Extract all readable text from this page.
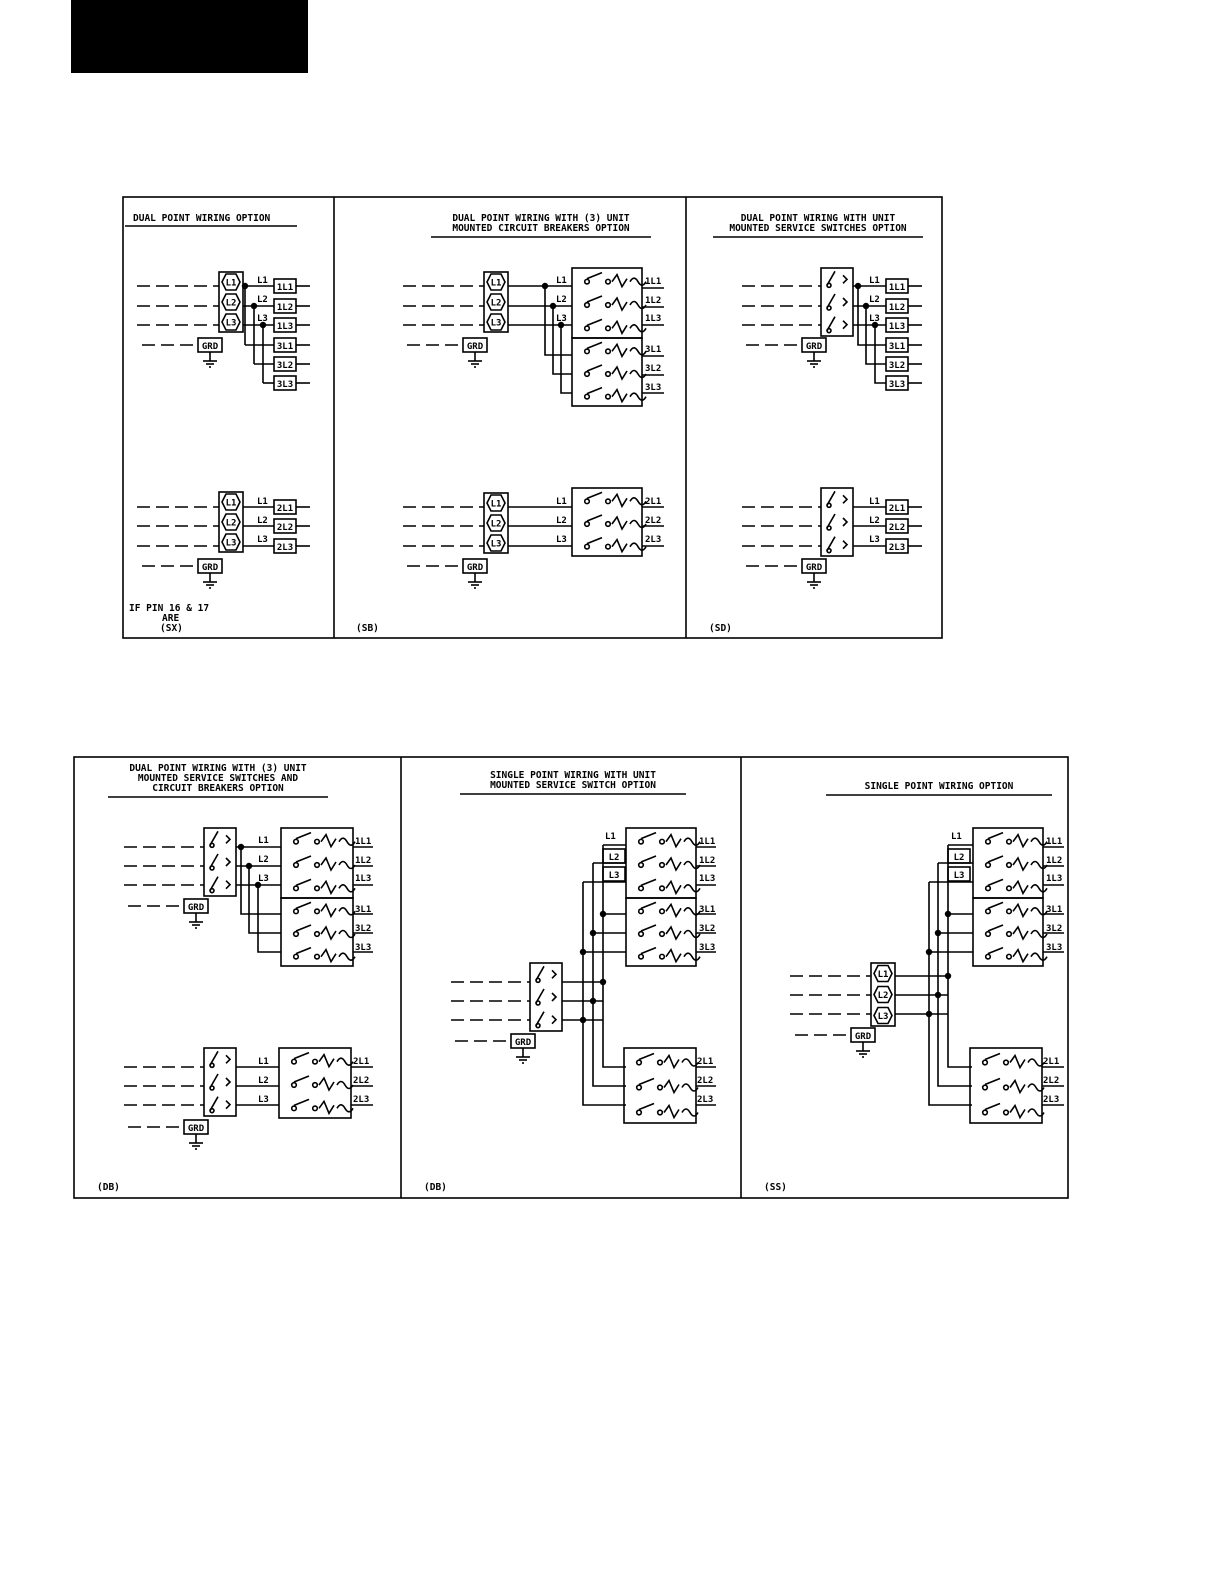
DUAL POINT WIRING OPTION
L1
L2
L3
L1
L2
L3
L1
L2
L3
1L1
1L2
1L3
3L1
3L2
3L3
GRD
L1
L2
L3
2L1
2L2
2L3
GRD
IF PIN 16 & 17
ARE
(SX)
DUAL POINT WIRING WITH (3) UNIT
MOUNTED CIRCUIT BREAKERS OPTION
L1
L2
L3
GRD
L1
L2
L3
1L1
1L2
1L3
3L1
3L2
3L3
L1
L2
L3
GRD
L1
L2
L3
2L1
2L2
2L3
(SB)
DUAL POINT WIRING WITH UNIT
MOUNTED SERVICE SWITCHES OPTION
GRD
L1
L2
L3
1L1
1L2
1L3
3L1
3L2
3L3
GRD
L1
L2
L3
2L1
2L2
2L3
(SD)
DUAL POINT WIRING WITH (3) UNIT
MOUNTED SERVICE SWITCHES AND
CIRCUIT BREAKERS OPTION
GRD
L1
L2
L3
1L1
1L2
1L3
3L1
3L2
3L3
GRD
L1
L2
L3
2L1
2L2
2L3
(DB)
SINGLE POINT WIRING WITH UNIT
MOUNTED SERVICE SWITCH OPTION
GRD
L1
L2
L3
1L1
1L2
1L3
3L1
3L2
3L3
2L1
2L2
2L3
(DB)
SINGLE POINT WIRING OPTION
L1
L2
L3
GRD
L1
L2
L3
1L1
1L2
1L3
3L1
3L2
3L3
2L1
2L2
2L3
(SS)
